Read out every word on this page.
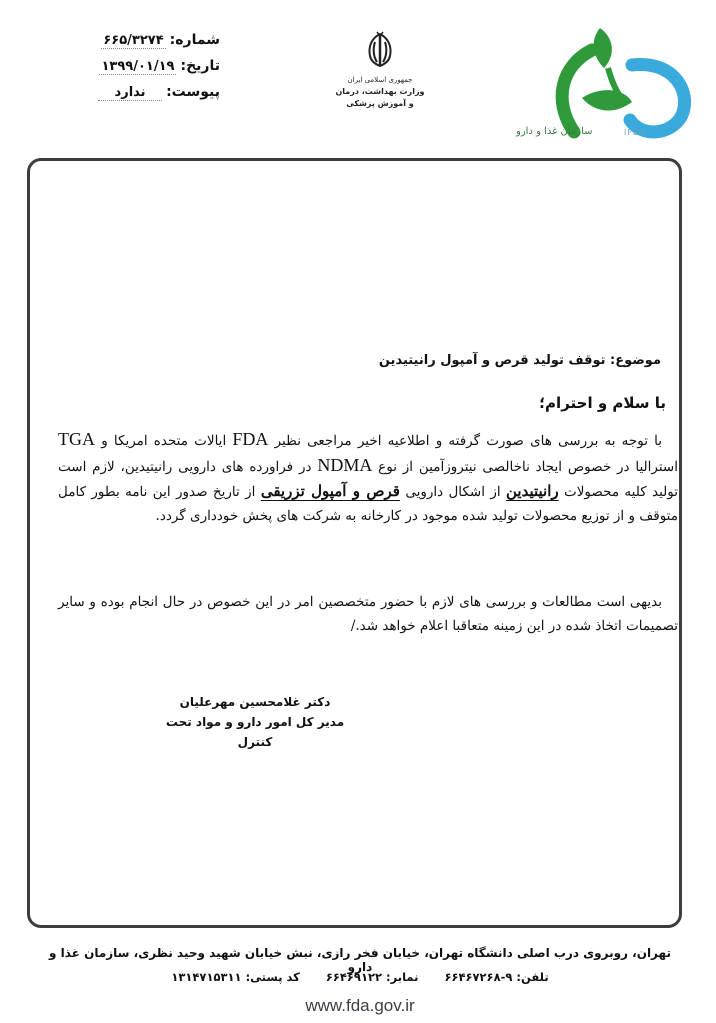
شماره:
۶۶۵/۳۲۷۴
تاریخ:
۱۳۹۹/۰۱/۱۹
پیوست:
ندارد
جمهوری اسلامی ایران
وزارت بهداشت، درمان
و آموزش پزشکی
سازمان غذا و دارو	IFDA
موضوع: توقف تولید قرص و آمپول رانیتیدین
با سلام و احترام؛
با توجه به بررسی های صورت گرفته و اطلاعیه اخیر مراجعی نظیر FDA ایالات متحده امریکا و TGA استرالیا در خصوص ایجاد ناخالصی نیتروزآمین از نوع NDMA در فراورده های دارویی رانیتیدین، لازم است تولید کلیه محصولات رانیتیدین از اشکال دارویی قرص و آمپول تزریقی از تاریخ صدور این نامه بطور کامل متوقف و از توزیع محصولات تولید شده موجود در کارخانه به شرکت های پخش خودداری گردد.
بدیهی است مطالعات و بررسی های لازم با حضور متخصصین امر در این خصوص در حال انجام بوده و سایر تصمیمات اتخاذ شده در این زمینه متعاقبا اعلام خواهد شد./
دکتر غلامحسین مهرعلیان
مدیر کل امور دارو و مواد تحت کنترل
تهران، روبروی درب اصلی دانشگاه تهران، خیابان فخر رازی، نبش خیابان شهید وحید نظری، سازمان غذا و دارو
تلفن: ۹-۶۶۴۶۷۲۶۸
نمابر: ۶۶۴۶۹۱۲۲
کد پستی: ۱۳۱۴۷۱۵۳۱۱
www.fda.gov.ir
